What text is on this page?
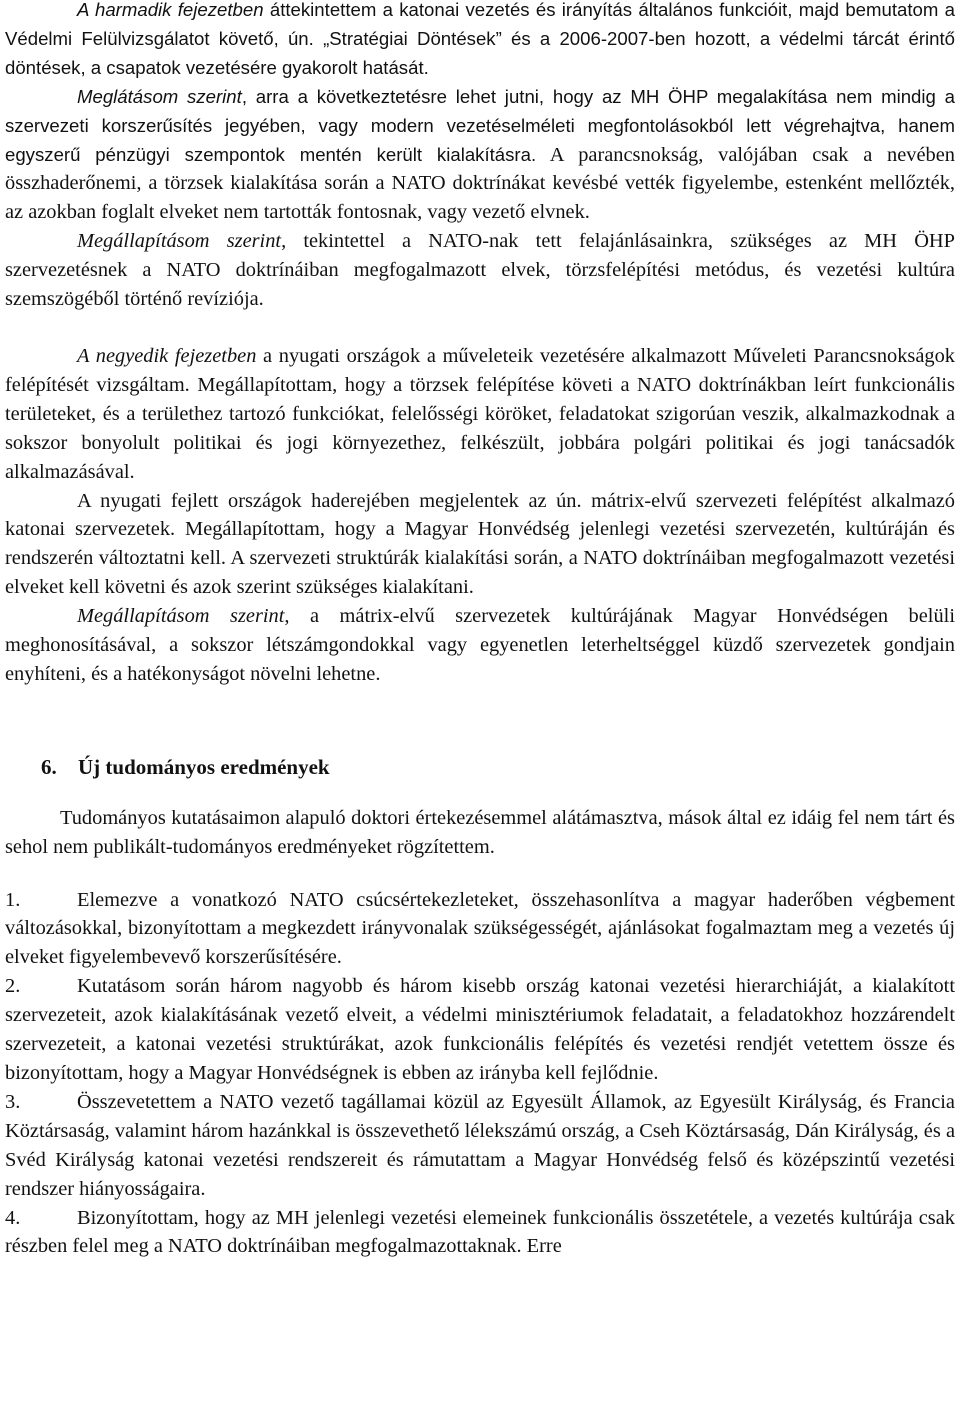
A harmadik fejezetben áttekintettem a katonai vezetés és irányítás általános funkcióit, majd bemutatom a Védelmi Felülvizsgálatot követő, ún. „Stratégiai Döntések” és a 2006-2007-ben hozott, a védelmi tárcát érintő döntések, a csapatok vezetésére gyakorolt hatását.

Meglátásom szerint, arra a következtetésre lehet jutni, hogy az MH ÖHP megalakítása nem mindig a szervezeti korszerűsítés jegyében, vagy modern vezetéselméleti megfontolásokból lett végrehajtva, hanem egyszerű pénzügyi szempontok mentén került kialakításra. A parancsnokság, valójában csak a nevében összhaderőnemi, a törzsek kialakítása során a NATO doktrínákat kevésbé vették figyelembe, estenként mellőzték, az azokban foglalt elveket nem tartották fontosnak, vagy vezető elvnek.

Megállapításom szerint, tekintettel a NATO-nak tett felajánlásainkra, szükséges az MH ÖHP szervezetésnek a NATO doktrínáiban megfogalmazott elvek, törzsfelépítési metódus, és vezetési kultúra szemszögéből történő revíziója.

A negyedik fejezetben a nyugati országok a műveleteik vezetésére alkalmazott Műveleti Parancsnokságok felépítését vizsgáltam. Megállapítottam, hogy a törzsek felépítése követi a NATO doktrínákban leírt funkcionális területeket, és a területhez tartozó funkciókat, felelősségi köröket, feladatokat szigorúan veszik, alkalmazkodnak a sokszor bonyolult politikai és jogi környezethez, felkészült, jobbára polgári politikai és jogi tanácsadók alkalmazásával.

A nyugati fejlett országok haderejében megjelentek az ún. mátrix-elvű szervezeti felépítést alkalmazó katonai szervezetek. Megállapítottam, hogy a Magyar Honvédség jelenlegi vezetési szervezetén, kultúráján és rendszerén változtatni kell. A szervezeti struktúrák kialakítási során, a NATO doktrínáiban megfogalmazott vezetési elveket kell követni és azok szerint szükséges kialakítani.

Megállapításom szerint, a mátrix-elvű szervezetek kultúrájának Magyar Honvédségen belüli meghonosításával, a sokszor létszámgondokkal vagy egyenetlen leterheltséggel küzdő szervezetek gondjain enyhíteni, és a hatékonyságot növelni lehetne.

6. Új tudományos eredmények

Tudományos kutatásaimon alapuló doktori értekezésemmel alátámasztva, mások által ez idáig fel nem tárt és sehol nem publikált-tudományos eredményeket rögzítettem.

1.	Elemezve a vonatkozó NATO csúcsértekezleteket, összehasonlítva a magyar haderőben végbement változásokkal, bizonyítottam a megkezdett irányvonalak szükségességét, ajánlásokat fogalmaztam meg a vezetés új elveket figyelembevevő korszerűsítésére.

2.	Kutatásom során három nagyobb és három kisebb ország katonai vezetési hierarchiáját, a kialakított szervezeteit, azok kialakításának vezető elveit, a védelmi minisztériumok feladatait, a feladatokhoz hozzárendelt szervezeteit, a katonai vezetési struktúrákat, azok funkcionális felépítés és vezetési rendjét vetettem össze és bizonyítottam, hogy a Magyar Honvédségnek is ebben az irányba kell fejlődnie.

3.	Összevetettem a NATO vezető tagállamai közül az Egyesült Államok, az Egyesült Királyság, és Francia Köztársaság, valamint három hazánkkal is összevethető lélekszámú ország, a Cseh Köztársaság, Dán Királyság, és a Svéd Királyság katonai vezetési rendszereit és rámutattam a Magyar Honvédség felső és középszintű vezetési rendszer hiányosságaira.

4.	Bizonyítottam, hogy az MH jelenlegi vezetési elemeinek funkcionális összetétele, a vezetés kultúrája csak részben felel meg a NATO doktrínáiban megfogalmazottaknak. Erre
